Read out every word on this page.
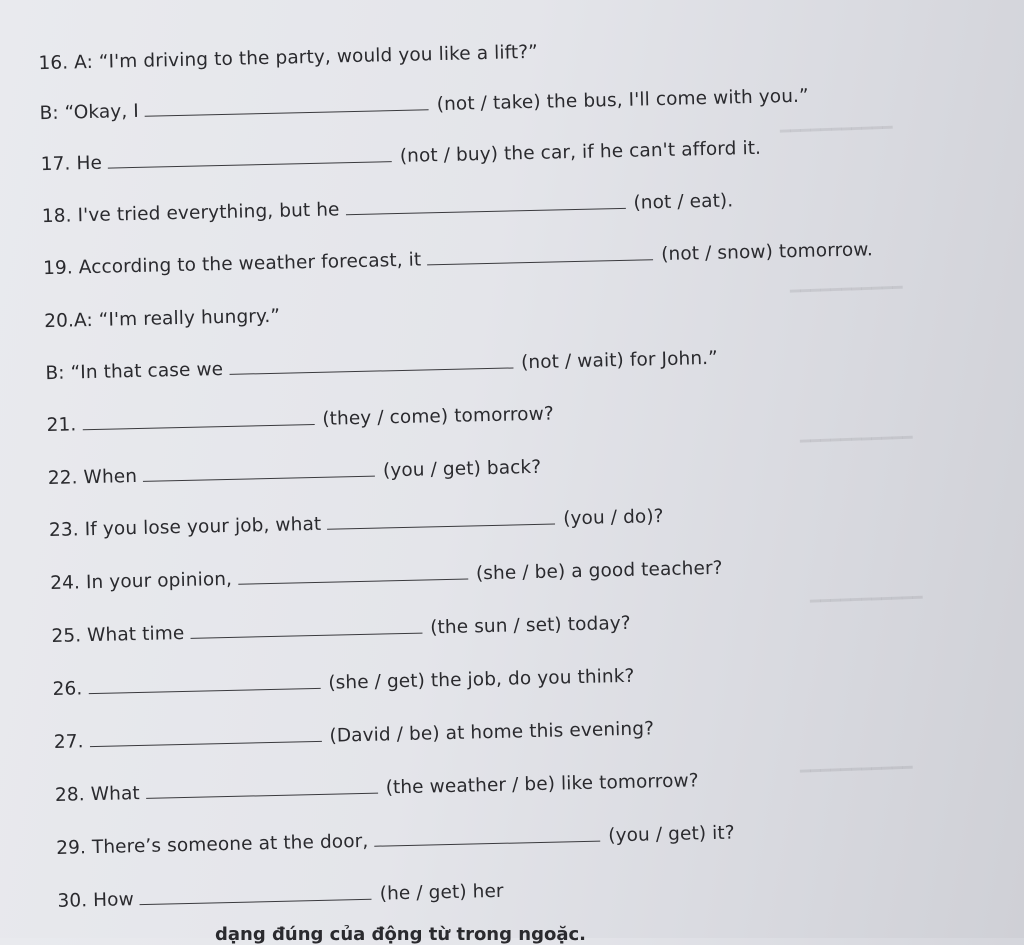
━━━━━━━━━━━
━━━━━━━━━━━
━━━━━━━━━━━
━━━━━━━━━━━
━━━━━━━━━━━
16. A: “I'm driving to the party, would you like a lift?”
B: “Okay, I	(not / take) the bus, I'll come with you.”
17. He	(not / buy) the car, if he can't afford it.
18. I've tried everything, but he	(not / eat).
19. According to the weather forecast, it	(not / snow) tomorrow.
20.A: “I'm really hungry.”
B: “In that case we	(not / wait) for John.”
21.	(they / come) tomorrow?
22. When	(you / get) back?
23. If you lose your job, what	(you / do)?
24. In your opinion,	(she / be) a good teacher?
25. What time	(the sun / set) today?
26.	(she / get) the job, do you think?
27.	(David / be) at home this evening?
28. What	(the weather / be) like tomorrow?
29. There’s someone at the door,	(you / get) it?
30. How	(he / get) her
dạng đúng của động từ trong ngoặc.
